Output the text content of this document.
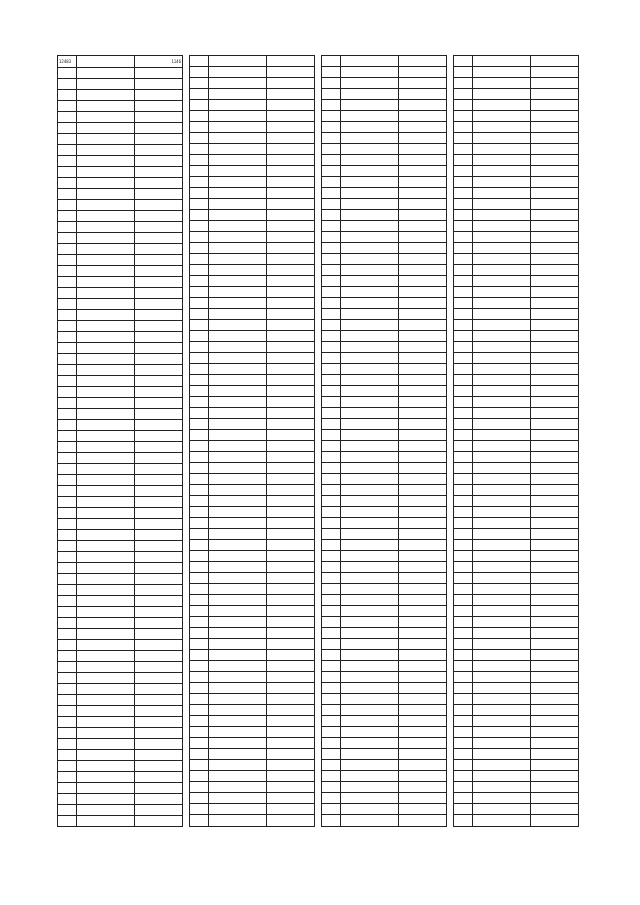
12483		1146
